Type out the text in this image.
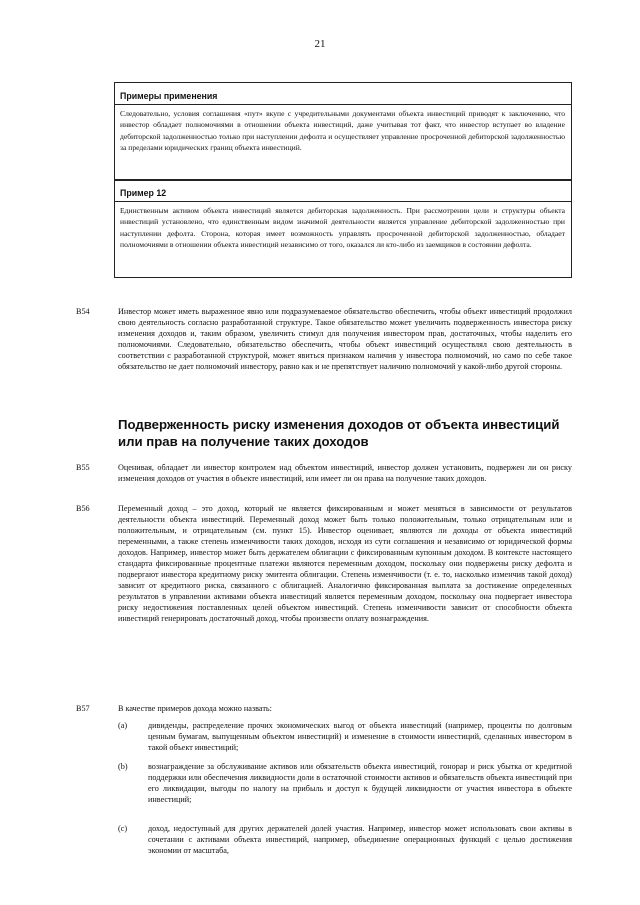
21
Примеры применения
Следовательно, условия соглашения «пут» вкупе с учредительными документами объекта инвестиций приводят к заключению, что инвестор обладает полномочиями в отношении объекта инвестиций, даже учитывая тот факт, что инвестор вступает во владение дебиторской задолженностью только при наступлении дефолта и осуществляет управление просроченной дебиторской задолженностью за пределами юридических границ объекта инвестиций.
Пример 12
Единственным активом объекта инвестиций является дебиторская задолженность. При рассмотрении цели и структуры объекта инвестиций установлено, что единственным видом значимой деятельности является управление дебиторской задолженностью при наступлении дефолта. Сторона, которая имеет возможность управлять просроченной дебиторской задолженностью, обладает полномочиями в отношении объекта инвестиций независимо от того, оказался ли кто-либо из заемщиков в состоянии дефолта.
B54	Инвестор может иметь выраженное явно или подразумеваемое обязательство обеспечить, чтобы объект инвестиций продолжил свою деятельность согласно разработанной структуре. Такое обязательство может увеличить подверженность инвестора риску изменения доходов и, таким образом, увеличить стимул для получения инвестором прав, достаточных, чтобы наделить его полномочиями. Следовательно, обязательство обеспечить, чтобы объект инвестиций осуществлял свою деятельность в соответствии с разработанной структурой, может явиться признаком наличия у инвестора полномочий, но само по себе такое обязательство не дает полномочий инвестору, равно как и не препятствует наличию полномочий у какой-либо другой стороны.
Подверженность риску изменения доходов от объекта инвестиций или прав на получение таких доходов
B55	Оценивая, обладает ли инвестор контролем над объектом инвестиций, инвестор должен установить, подвержен ли он риску изменения доходов от участия в объекте инвестиций, или имеет ли он права на получение таких доходов.
B56	Переменный доход – это доход, который не является фиксированным и может меняться в зависимости от результатов деятельности объекта инвестиций. Переменный доход может быть только положительным, только отрицательным или и положительным, и отрицательным (см. пункт 15). Инвестор оценивает, являются ли доходы от объекта инвестиций переменными, а также степень изменчивости таких доходов, исходя из сути соглашения и независимо от юридической формы доходов. Например, инвестор может быть держателем облигации с фиксированным купонным доходом. В контексте настоящего стандарта фиксированные процентные платежи являются переменным доходом, поскольку они подвержены риску дефолта и подвергают инвестора кредитному риску эмитента облигации. Степень изменчивости (т. е. то, насколько изменчив такой доход) зависит от кредитного риска, связанного с облигацией. Аналогично фиксированная выплата за достижение определенных результатов в управлении активами объекта инвестиций является переменным доходом, поскольку она подвергает инвестора риску недостижения поставленных целей объектом инвестиций. Степень изменчивости зависит от способности объекта инвестиций генерировать достаточный доход, чтобы произвести оплату вознаграждения.
B57	В качестве примеров дохода можно назвать:
(a)	дивиденды, распределение прочих экономических выгод от объекта инвестиций (например, проценты по долговым ценным бумагам, выпущенным объектом инвестиций) и изменение в стоимости инвестиций, сделанных инвестором в такой объект инвестиций;
(b) вознаграждение за обслуживание активов или обязательств объекта инвестиций, гонорар и риск убытка от кредитной поддержки или обеспечения ликвидности доли в остаточной стоимости активов и обязательств объекта инвестиций при его ликвидации, выгоды по налогу на прибыль и доступ к будущей ликвидности от участия инвестора в объекте инвестиций;
(c)	доход, недоступный для других держателей долей участия. Например, инвестор может использовать свои активы в сочетании с активами объекта инвестиций, например, объединение операционных функций с целью достижения экономии от масштаба,
